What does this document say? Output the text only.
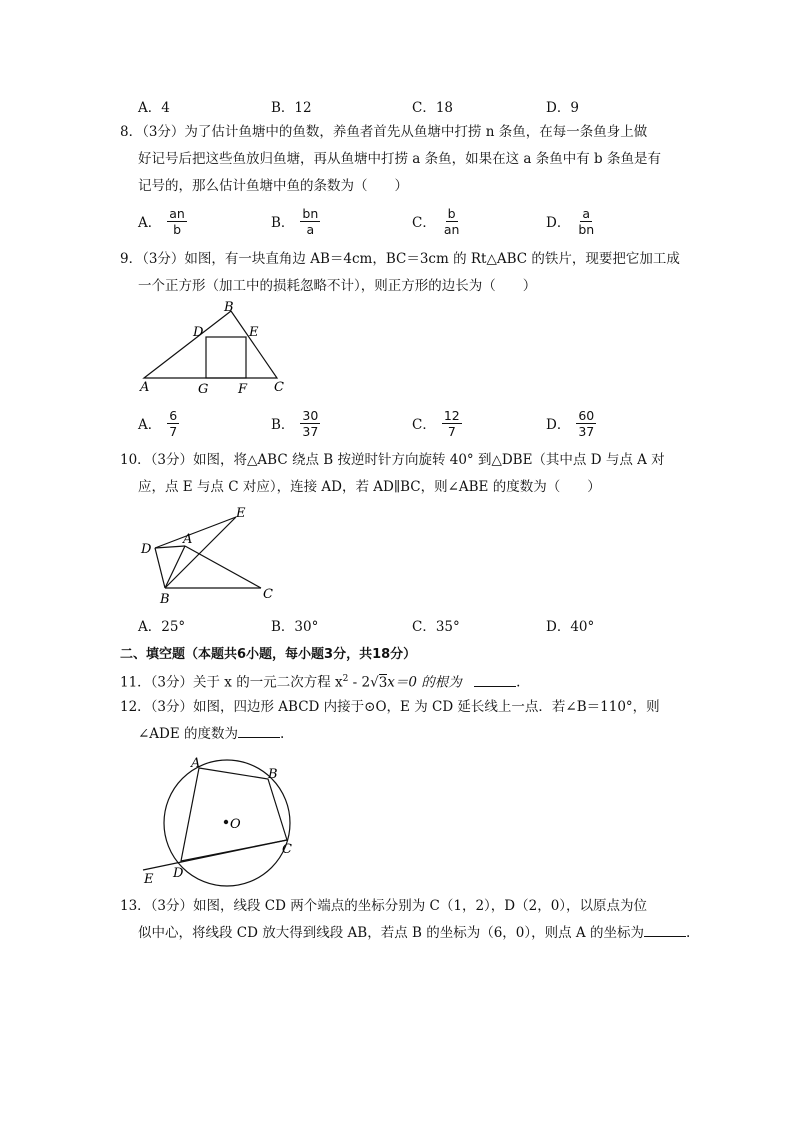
A．4	B．12	C．18	D．9
8．（3分）为了估计鱼塘中的鱼数，养鱼者首先从鱼塘中打捞 n 条鱼，在每一条鱼身上做
好记号后把这些鱼放归鱼塘，再从鱼塘中打捞 a 条鱼，如果在这 a 条鱼中有 b 条鱼是有
记号的，那么估计鱼塘中鱼的条数为（　　）
A． $\frac{an}{b}$	B． $\frac{bn}{a}$	C． $\frac{b}{an}$	D． $\frac{a}{bn}$
9．（3分）如图，有一块直角边 AB＝4cm，BC＝3cm 的 Rt△ABC 的铁片，现要把它加工成
一个正方形（加工中的损耗忽略不计），则正方形的边长为（　　）
A
B
C
D	E
F
G
A． $\frac{6}{7}$	B． $\frac{30}{37}$	C． $\frac{12}{7}$	D． $\frac{60}{37}$
10．（3分）如图，将△ABC 绕点 B 按逆时针方向旋转 40° 到△DBE（其中点 D 与点 A 对
应，点 E 与点 C 对应），连接 AD，若 AD∥BC，则∠ABE 的度数为（　　）
D
A
E
B	C
A．25°	B．30°	C．35°	D．40°
二、填空题（本题共6小题，每小题3分，共18分）
11．（3分）关于 x 的一元二次方程 $x^2 - 2√3x=0$ 的根为	.
12．（3分）如图，四边形 ABCD 内接于⊙O，E 为 CD 延长线上一点．若∠B＝110°，则
∠ADE 的度数为	.
A
B
C
D
E
O
13．（3分）如图，线段 CD 两个端点的坐标分别为 C（1，2），D（2，0），以原点为位
似中心，将线段 CD 放大得到线段 AB，若点 B 的坐标为（6，0），则点 A 的坐标为	.
